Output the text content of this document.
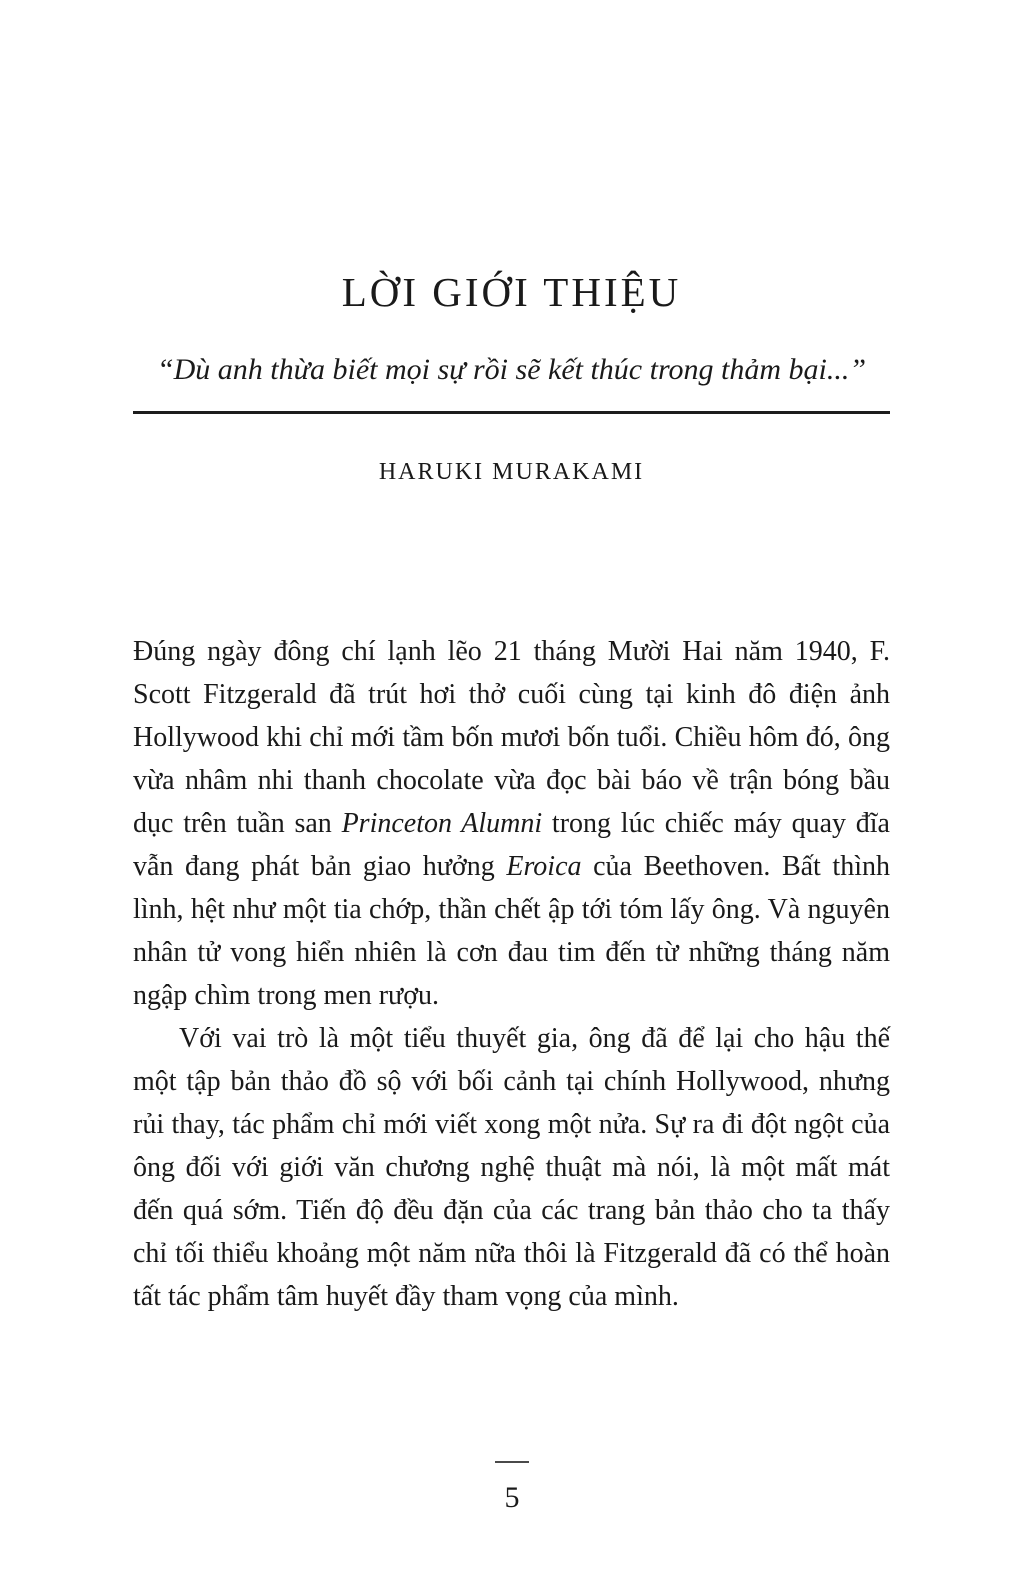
LỜI GIỚI THIỆU
“Dù anh thừa biết mọi sự rồi sẽ kết thúc trong thảm bại...”
HARUKI MURAKAMI

Đúng ngày đông chí lạnh lẽo 21 tháng Mười Hai năm 1940, F. Scott Fitzgerald đã trút hơi thở cuối cùng tại kinh đô điện ảnh Hollywood khi chỉ mới tầm bốn mươi bốn tuổi. Chiều hôm đó, ông vừa nhâm nhi thanh chocolate vừa đọc bài báo về trận bóng bầu dục trên tuần san Princeton Alumni trong lúc chiếc máy quay đĩa vẫn đang phát bản giao hưởng Eroica của Beethoven. Bất thình lình, hệt như một tia chớp, thần chết ập tới tóm lấy ông. Và nguyên nhân tử vong hiển nhiên là cơn đau tim đến từ những tháng năm ngập chìm trong men rượu.

Với vai trò là một tiểu thuyết gia, ông đã để lại cho hậu thế một tập bản thảo đồ sộ với bối cảnh tại chính Hollywood, nhưng rủi thay, tác phẩm chỉ mới viết xong một nửa. Sự ra đi đột ngột của ông đối với giới văn chương nghệ thuật mà nói, là một mất mát đến quá sớm. Tiến độ đều đặn của các trang bản thảo cho ta thấy chỉ tối thiểu khoảng một năm nữa thôi là Fitzgerald đã có thể hoàn tất tác phẩm tâm huyết đầy tham vọng của mình.

5
